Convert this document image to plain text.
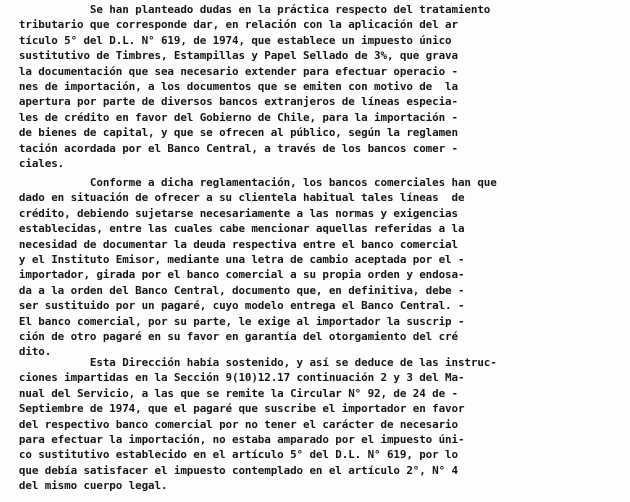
Se han planteado dudas en la práctica respecto del tratamiento
tributario que corresponde dar, en relación con la aplicación del ar
tículo 5° del D.L. N° 619, de 1974, que establece un impuesto único
sustitutivo de Timbres, Estampillas y Papel Sellado de 3%, que grava
la documentación que sea necesario extender para efectuar operacio -
nes de importación, a los documentos que se emiten con motivo de  la
apertura por parte de diversos bancos extranjeros de líneas especia-
les de crédito en favor del Gobierno de Chile, para la importación -
de bienes de capital, y que se ofrecen al público, según la reglamen
tación acordada por el Banco Central, a través de los bancos comer -
ciales.
Conforme a dicha reglamentación, los bancos comerciales han que
dado en situación de ofrecer a su clientela habitual tales líneas  de
crédito, debiendo sujetarse necesariamente a las normas y exigencias
establecidas, entre las cuales cabe mencionar aquellas referidas a la
necesidad de documentar la deuda respectiva entre el banco comercial
y el Instituto Emisor, mediante una letra de cambio aceptada por el -
importador, girada por el banco comercial a su propia orden y endosa-
da a la orden del Banco Central, documento que, en definitiva, debe -
ser sustituido por un pagaré, cuyo modelo entrega el Banco Central. -
El banco comercial, por su parte, le exige al importador la suscrip -
ción de otro pagaré en su favor en garantía del otorgamiento del cré
dito.
Esta Dirección había sostenido, y así se deduce de las instruc-
ciones impartidas en la Sección 9(10)12.17 continuación 2 y 3 del Ma-
nual del Servicio, a las que se remite la Circular N° 92, de 24 de -
Septiembre de 1974, que el pagaré que suscribe el importador en favor
del respectivo banco comercial por no tener el carácter de necesario
para efectuar la importación, no estaba amparado por el impuesto úni-
co sustitutivo establecido en el artículo 5° del D.L. N° 619, por lo
que debía satisfacer el impuesto contemplado en el artículo 2°, N° 4
del mismo cuerpo legal.
